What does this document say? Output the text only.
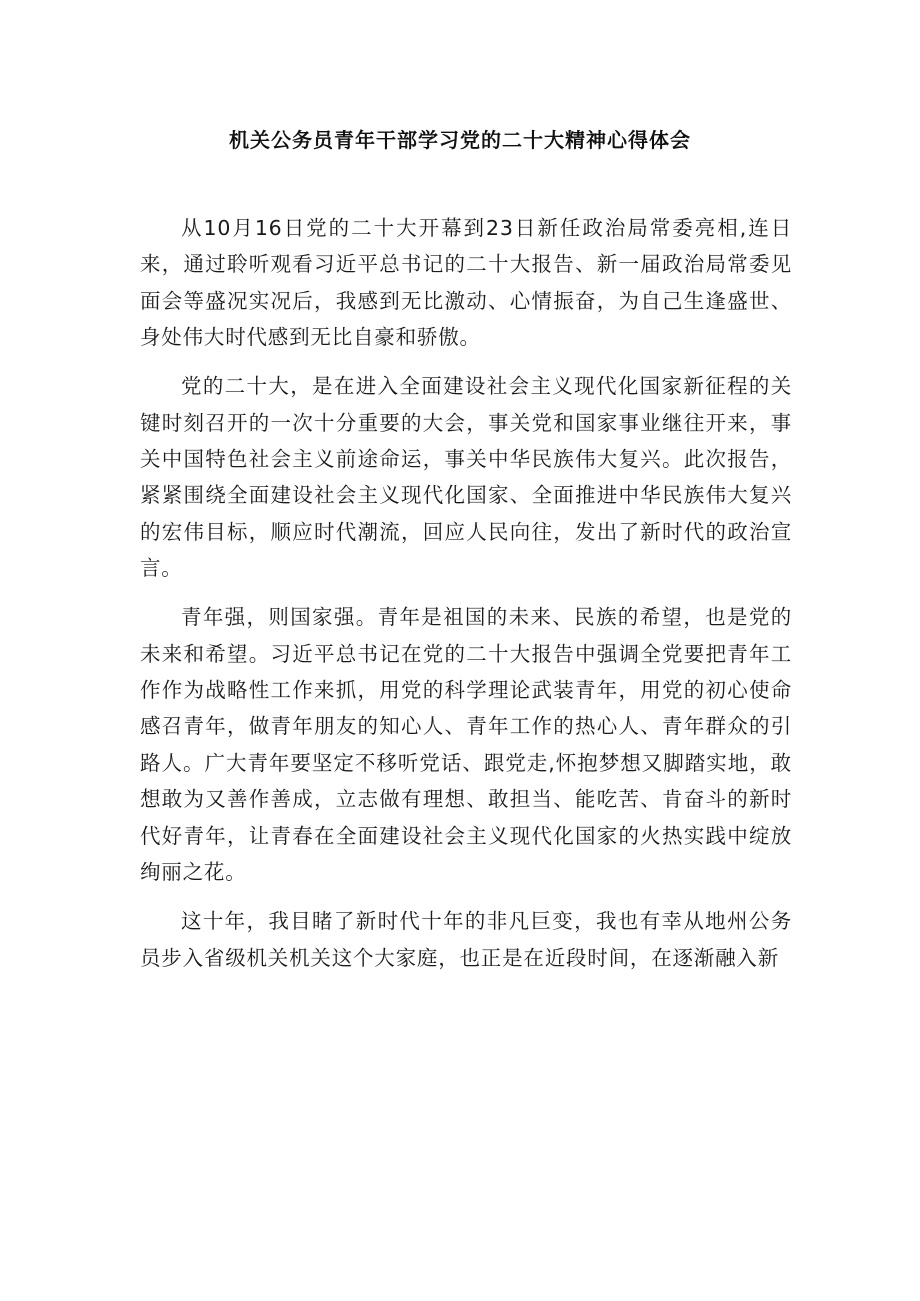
机关公务员青年干部学习党的二十大精神心得体会

从10月16日党的二十大开幕到23日新任政治局常委亮相,连日来，通过聆听观看习近平总书记的二十大报告、新一届政治局常委见面会等盛况实况后，我感到无比激动、心情振奋，为自己生逢盛世、身处伟大时代感到无比自豪和骄傲。

党的二十大，是在进入全面建设社会主义现代化国家新征程的关键时刻召开的一次十分重要的大会，事关党和国家事业继往开来，事关中国特色社会主义前途命运，事关中华民族伟大复兴。此次报告，紧紧围绕全面建设社会主义现代化国家、全面推进中华民族伟大复兴的宏伟目标，顺应时代潮流，回应人民向往，发出了新时代的政治宣言。

青年强，则国家强。青年是祖国的未来、民族的希望，也是党的未来和希望。习近平总书记在党的二十大报告中强调全党要把青年工作作为战略性工作来抓，用党的科学理论武装青年，用党的初心使命感召青年，做青年朋友的知心人、青年工作的热心人、青年群众的引路人。广大青年要坚定不移听党话、跟党走,怀抱梦想又脚踏实地，敢想敢为又善作善成，立志做有理想、敢担当、能吃苦、肯奋斗的新时代好青年，让青春在全面建设社会主义现代化国家的火热实践中绽放绚丽之花。

这十年，我目睹了新时代十年的非凡巨变，我也有幸从地州公务员步入省级机关机关这个大家庭，也正是在近段时间，在逐渐融入新
